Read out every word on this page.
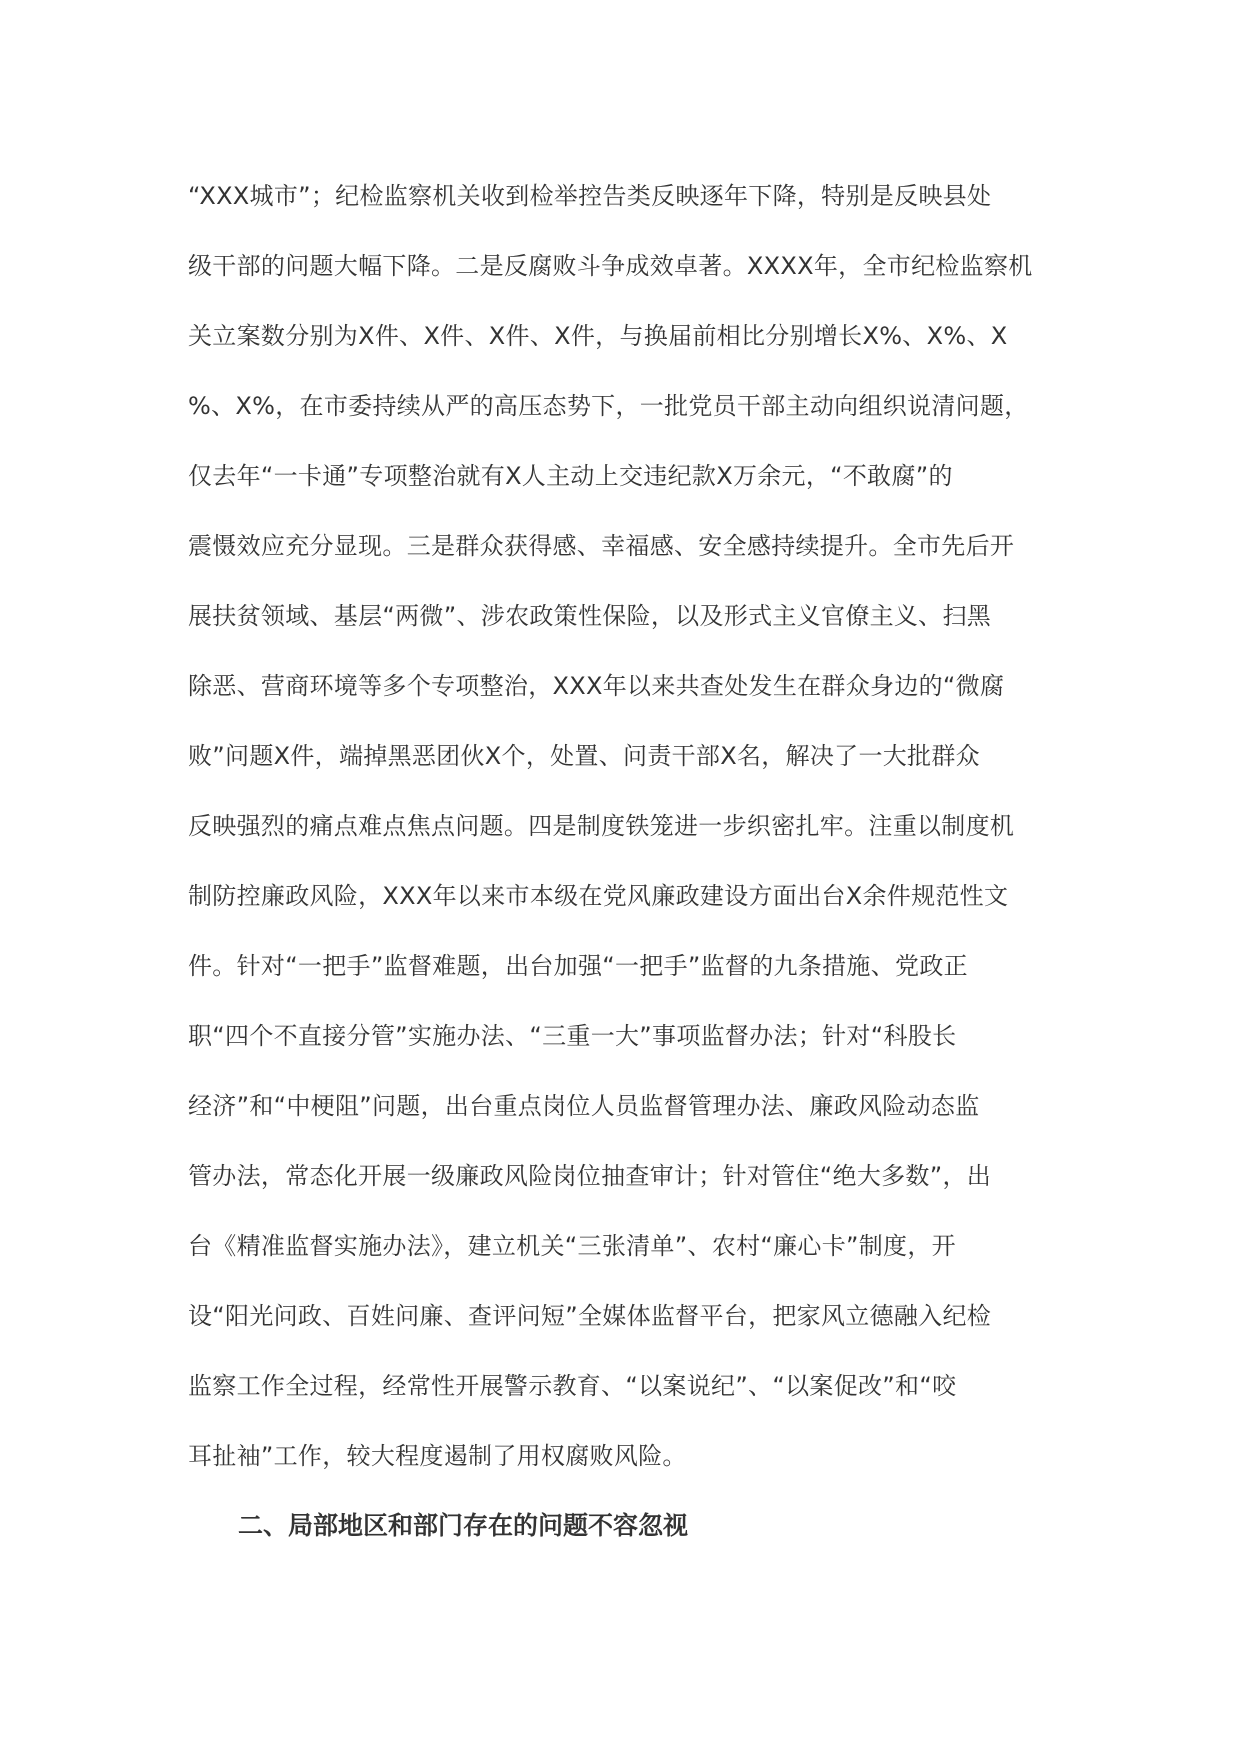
“XXX城市”；纪检监察机关收到检举控告类反映逐年下降，特别是反映县处
级干部的问题大幅下降。二是反腐败斗争成效卓著。XXXX年，全市纪检监察机
关立案数分别为X件、X件、X件、X件，与换届前相比分别增长X%、X%、X
%、X%，在市委持续从严的高压态势下，一批党员干部主动向组织说清问题，
仅去年“一卡通”专项整治就有X人主动上交违纪款X万余元，“不敢腐”的
震慑效应充分显现。三是群众获得感、幸福感、安全感持续提升。全市先后开
展扶贫领域、基层“两微”、涉农政策性保险，以及形式主义官僚主义、扫黑
除恶、营商环境等多个专项整治，XXX年以来共查处发生在群众身边的“微腐
败”问题X件，端掉黑恶团伙X个，处置、问责干部X名，解决了一大批群众
反映强烈的痛点难点焦点问题。四是制度铁笼进一步织密扎牢。注重以制度机
制防控廉政风险，XXX年以来市本级在党风廉政建设方面出台X余件规范性文
件。针对“一把手”监督难题，出台加强“一把手”监督的九条措施、党政正
职“四个不直接分管”实施办法、“三重一大”事项监督办法；针对“科股长
经济”和“中梗阻”问题，出台重点岗位人员监督管理办法、廉政风险动态监
管办法，常态化开展一级廉政风险岗位抽查审计；针对管住“绝大多数”，出
台《精准监督实施办法》，建立机关“三张清单”、农村“廉心卡”制度，开
设“阳光问政、百姓问廉、查评问短”全媒体监督平台，把家风立德融入纪检
监察工作全过程，经常性开展警示教育、“以案说纪”、“以案促改”和“咬
耳扯袖”工作，较大程度遏制了用权腐败风险。
二、局部地区和部门存在的问题不容忽视
